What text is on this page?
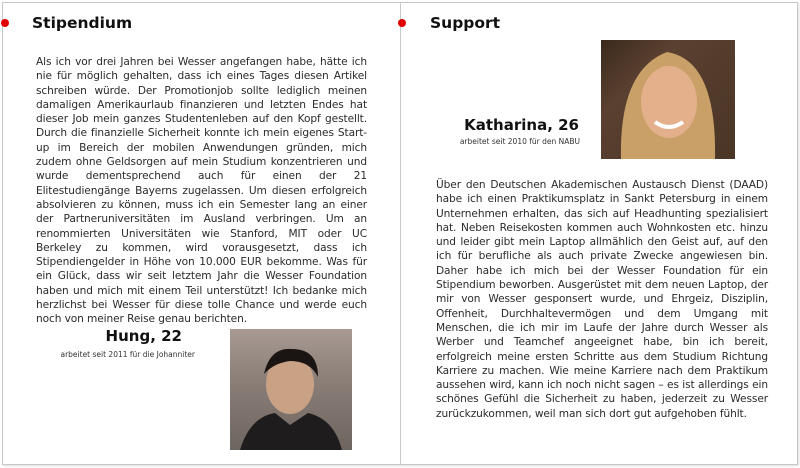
Stipendium
Als ich vor drei Jahren bei Wesser angefangen habe, hätte ich nie für möglich gehalten, dass ich eines Tages diesen Artikel schreiben würde. Der Promotionjob sollte lediglich meinen damaligen Amerikaurlaub finanzieren und letzten Endes hat dieser Job mein ganzes Studentenleben auf den Kopf gestellt. Durch die finanzielle Sicherheit konnte ich mein eigenes Start-up im Bereich der mobilen Anwendungen gründen, mich zudem ohne Geldsorgen auf mein Studium konzentrieren und wurde dementsprechend auch für einen der 21 Elitestudiengänge Bayerns zugelassen. Um diesen erfolgreich absolvieren zu können, muss ich ein Semester lang an einer der Partneruniversitäten im Ausland verbringen. Um an renommierten Universitäten wie Stanford, MIT oder UC Berkeley zu kommen, wird vorausgesetzt, dass ich Stipendiengelder in Höhe von 10.000 EUR bekomme. Was für ein Glück, dass wir seit letztem Jahr die Wesser Foundation haben und mich mit einem Teil unterstützt! Ich bedanke mich herzlichst bei Wesser für diese tolle Chance und werde euch noch von meiner Reise genau berichten.
Hung, 22
arbeitet seit 2011 für die Johanniter
Support
Katharina, 26
arbeitet seit 2010 für den NABU
Über den Deutschen Akademischen Austausch Dienst (DAAD) habe ich einen Praktikumsplatz in Sankt Petersburg in einem Unternehmen erhalten, das sich auf Headhunting spezialisiert hat. Neben Reisekosten kommen auch Wohnkosten etc. hinzu und leider gibt mein Laptop allmählich den Geist auf, auf den ich für berufliche als auch private Zwecke angewiesen bin. Daher habe ich mich bei der Wesser Foundation für ein Stipendium beworben. Ausgerüstet mit dem neuen Laptop, der mir von Wesser gesponsert wurde, und Ehrgeiz, Disziplin, Offenheit, Durchhaltevermögen und dem Umgang mit Menschen, die ich mir im Laufe der Jahre durch Wesser als Werber und Teamchef angeeignet habe, bin ich bereit, erfolgreich meine ersten Schritte aus dem Studium Richtung Karriere zu machen. Wie meine Karriere nach dem Praktikum aussehen wird, kann ich noch nicht sagen – es ist allerdings ein schönes Gefühl die Sicherheit zu haben, jederzeit zu Wesser zurückzukommen, weil man sich dort gut aufgehoben fühlt.
